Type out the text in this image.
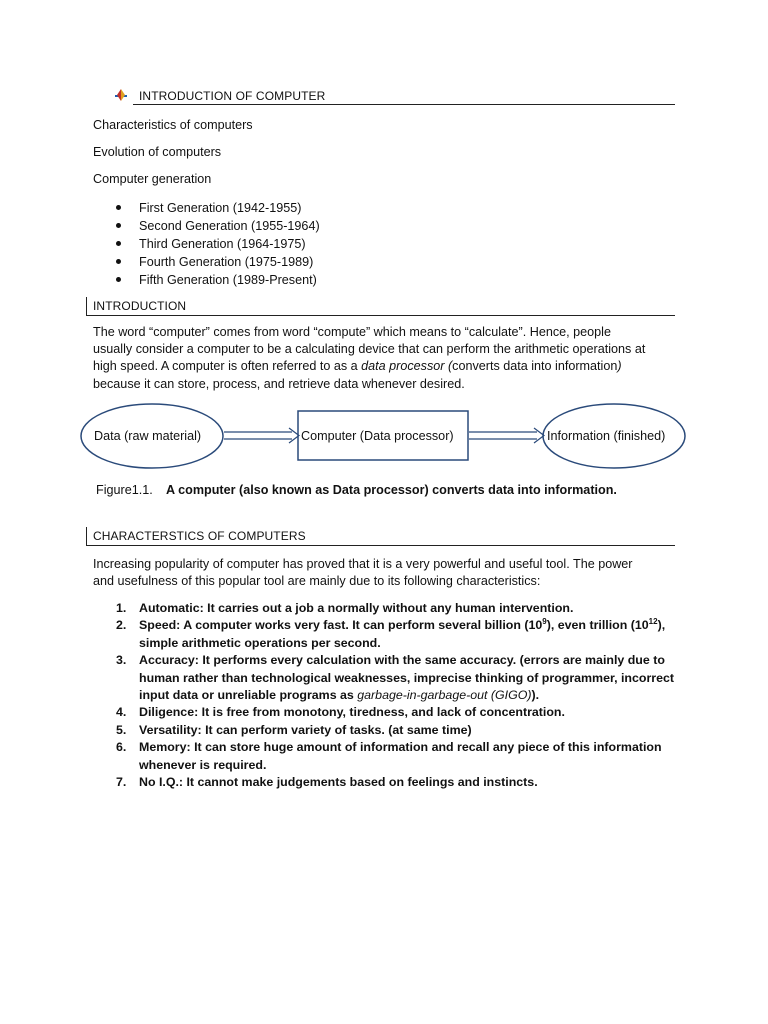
INTRODUCTION OF COMPUTER
Characteristics of computers
Evolution of computers
Computer generation
First Generation (1942-1955)
Second Generation (1955-1964)
Third Generation (1964-1975)
Fourth Generation (1975-1989)
Fifth Generation (1989-Present)
INTRODUCTION

The word “computer” comes from word “compute” which means to “calculate”. Hence, people

usually consider a computer to be a calculating device that can perform the arithmetic operations at

high speed. A computer is often referred to as a data processor (converts data into information)

because it can store, process, and retrieve data whenever desired.

Data (raw material)	Computer (Data processor)	Information (finished)
Figure1.1. A computer (also known as Data processor) converts data into information.
CHARACTERSTICS OF COMPUTERS

Increasing popularity of computer has proved that it is a very powerful and useful tool. The power

and usefulness of this popular tool are mainly due to its following characteristics:

1. Automatic: It carries out a job a normally without any human intervention.
2. Speed: A computer works very fast. It can perform several billion $(10^9)$, even trillion $(10^{12})$,
simple arithmetic operations per second.
3. Accuracy: It performs every calculation with the same accuracy. (errors are mainly due to
human rather than technological weaknesses, imprecise thinking of programmer, incorrect
input data or unreliable programs as garbage-in-garbage-out (GIGO)).
4. Diligence: It is free from monotony, tiredness, and lack of concentration.
5. Versatility: It can perform variety of tasks. (at same time)
6. Memory: It can store huge amount of information and recall any piece of this information
whenever is required.
7. No I.Q.: It cannot make judgements based on feelings and instincts.
